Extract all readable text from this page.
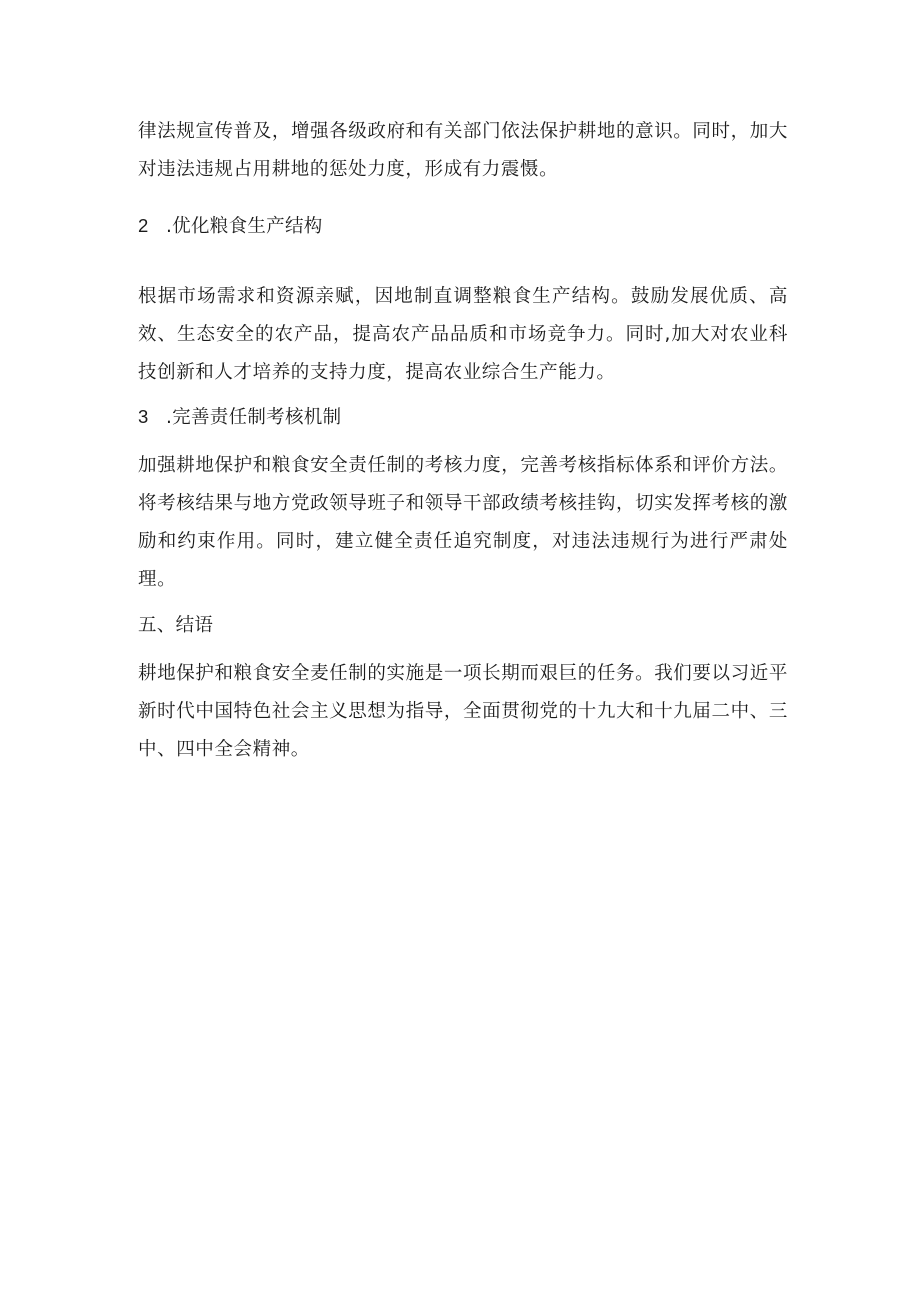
律法规宣传普及，增强各级政府和有关部门依法保护耕地的意识。同时，加大对违法违规占用耕地的惩处力度，形成有力震慑。

2 .优化粮食生产结构

根据市场需求和资源亲赋，因地制直调整粮食生产结构。鼓励发展优质、高效、生态安全的农产品，提高农产品品质和市场竞争力。同时,加大对农业科技创新和人才培养的支持力度，提高农业综合生产能力。

3 .完善责任制考核机制

加强耕地保护和粮食安全责任制的考核力度，完善考核指标体系和评价方法。将考核结果与地方党政领导班子和领导干部政绩考核挂钩，切实发挥考核的激励和约束作用。同时，建立健全责任追究制度，对违法违规行为进行严肃处理。

五、结语

耕地保护和粮食安全麦任制的实施是一项长期而艰巨的任务。我们要以习近平新时代中国特色社会主义思想为指导，全面贯彻党的十九大和十九届二中、三中、四中全会精神。
